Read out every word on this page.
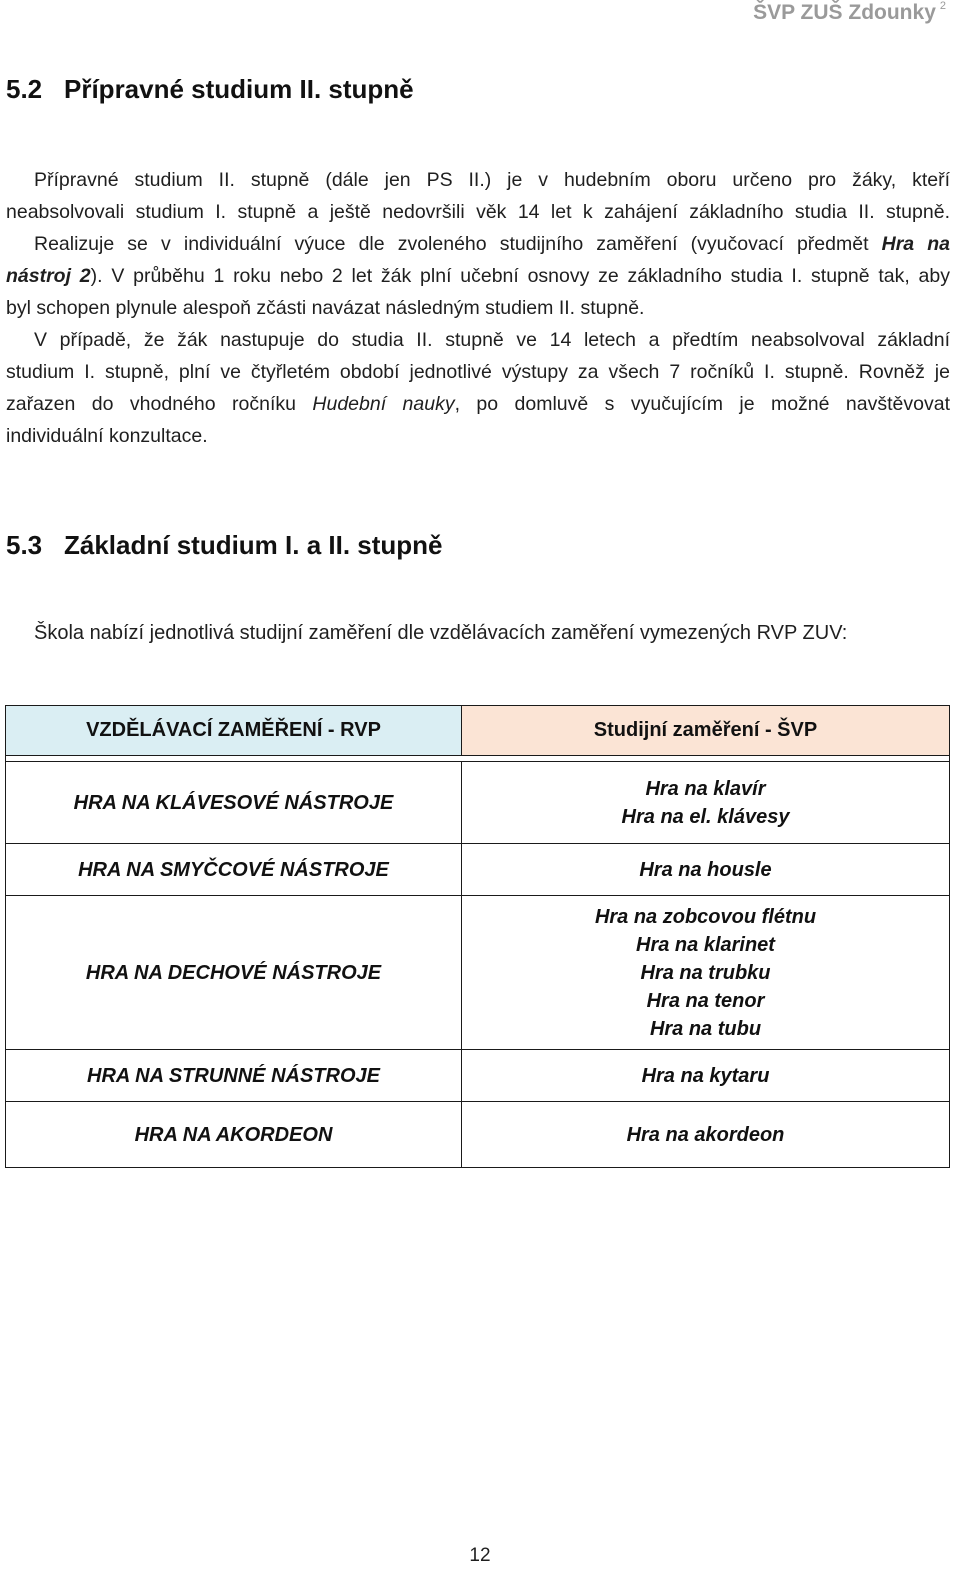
ŠVP ZUŠ Zdounky $^2$
5.2 Přípravné studium II. stupně

Přípravné studium II. stupně (dále jen PS II.) je v hudebním oboru určeno pro žáky, kteří

neabsolvovali studium I. stupně a ještě nedovršili věk 14 let k zahájení základního studia II. stupně.

Realizuje se v individuální výuce dle zvoleného studijního zaměření (vyučovací předmět Hra na

nástroj 2). V průběhu 1 roku nebo 2 let žák plní učební osnovy ze základního studia I. stupně tak, aby

byl schopen plynule alespoň zčásti navázat následným studiem II. stupně.

V případě, že žák nastupuje do studia II. stupně ve 14 letech a předtím neabsolvoval základní

studium I. stupně, plní ve čtyřletém období jednotlivé výstupy za všech 7 ročníků I. stupně. Rovněž je

zařazen do vhodného ročníku Hudební nauky, po domluvě s vyučujícím je možné navštěvovat

individuální konzultace.

5.3 Základní studium I. a II. stupně
Škola nabízí jednotlivá studijní zaměření dle vzdělávacích zaměření vymezených RVP ZUV:
VZDĚLÁVACÍ ZAMĚŘENÍ - RVP	Studijní zaměření - ŠVP

HRA NA KLÁVESOVÉ NÁSTROJE	Hra na klavír
Hra na el. klávesy

HRA NA SMYČCOVÉ NÁSTROJE	Hra na housle

HRA NA DECHOVÉ NÁSTROJE	Hra na zobcovou flétnu
Hra na klarinet
Hra na trubku
Hra na tenor
Hra na tubu

HRA NA STRUNNÉ NÁSTROJE	Hra na kytaru

HRA NA AKORDEON	Hra na akordeon
12
